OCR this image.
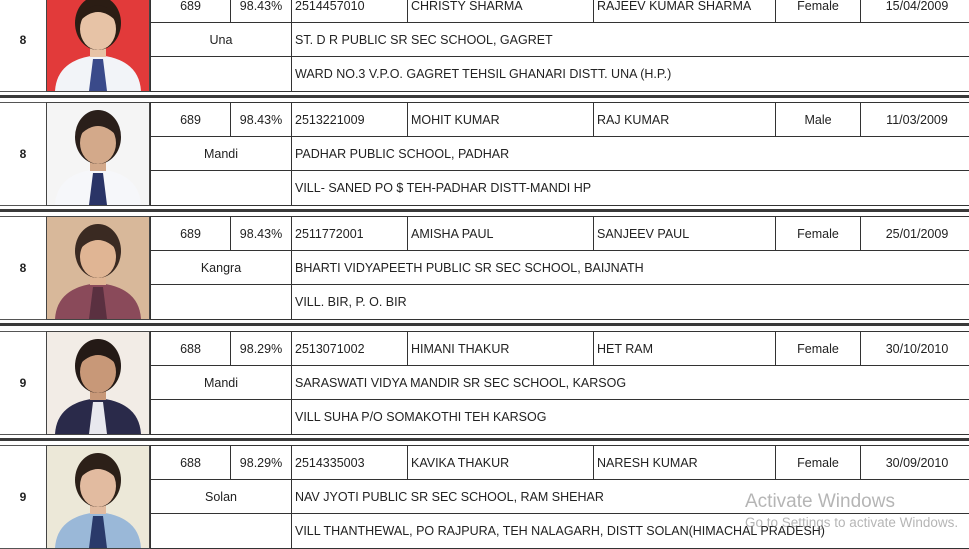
8
689	98.43%	2514457010	CHRISTY SHARMA	RAJEEV KUMAR SHARMA	Female	15/04/2009
Una	ST. D R PUBLIC SR SEC SCHOOL, GAGRET
WARD NO.3 V.P.O. GAGRET TEHSIL GHANARI DISTT. UNA (H.P.)
8
689	98.43%	2513221009	MOHIT KUMAR	RAJ KUMAR	Male	11/03/2009
Mandi	PADHAR PUBLIC SCHOOL, PADHAR
VILL- SANED PO $ TEH-PADHAR DISTT-MANDI HP
8
689	98.43%	2511772001	AMISHA PAUL	SANJEEV PAUL	Female	25/01/2009
Kangra	BHARTI VIDYAPEETH PUBLIC SR SEC SCHOOL, BAIJNATH
VILL. BIR, P. O. BIR
9
688	98.29%	2513071002	HIMANI THAKUR	HET RAM	Female	30/10/2010
Mandi	SARASWATI VIDYA MANDIR SR SEC SCHOOL, KARSOG
VILL SUHA P/O SOMAKOTHI TEH KARSOG
9
688	98.29%	2514335003	KAVIKA THAKUR	NARESH KUMAR	Female	30/09/2010
Solan	NAV JYOTI PUBLIC SR SEC SCHOOL, RAM SHEHAR
VILL THANTHEWAL, PO RAJPURA, TEH NALAGARH, DISTT SOLAN(HIMACHAL PRADESH)
Activate Windows
Go to Settings to activate Windows.
